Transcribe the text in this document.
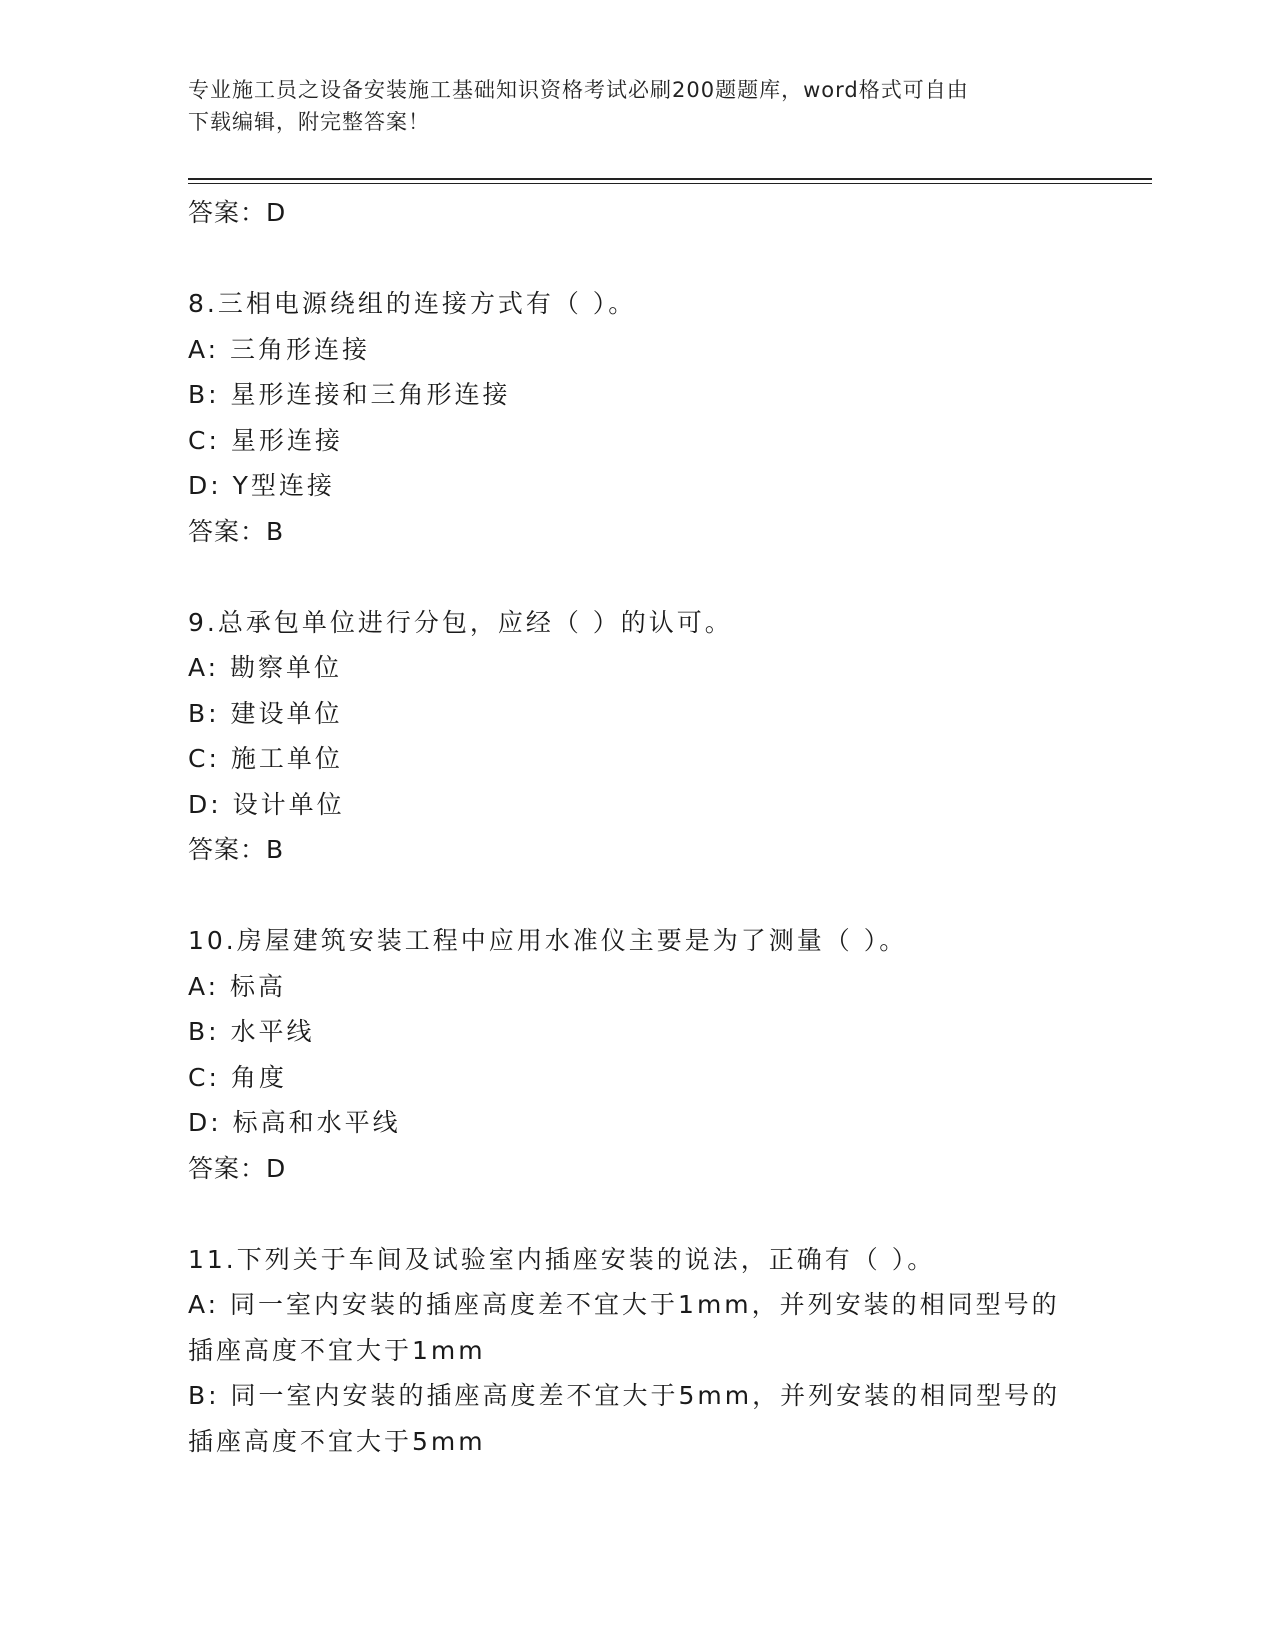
专业施工员之设备安装施工基础知识资格考试必刷200题题库，word格式可自由
下载编辑，附完整答案！
答案：D
8.三相电源绕组的连接方式有（ ）。
A: 三角形连接
B: 星形连接和三角形连接
C: 星形连接
D: Y型连接
答案：B
9.总承包单位进行分包，应经（ ）的认可。
A: 勘察单位
B: 建设单位
C: 施工单位
D: 设计单位
答案：B
10.房屋建筑安装工程中应用水准仪主要是为了测量（ ）。
A: 标高
B: 水平线
C: 角度
D: 标高和水平线
答案：D
11.下列关于车间及试验室内插座安装的说法，正确有（ ）。
A: 同一室内安装的插座高度差不宜大于1mm，并列安装的相同型号的
插座高度不宜大于1mm
B: 同一室内安装的插座高度差不宜大于5mm，并列安装的相同型号的
插座高度不宜大于5mm
